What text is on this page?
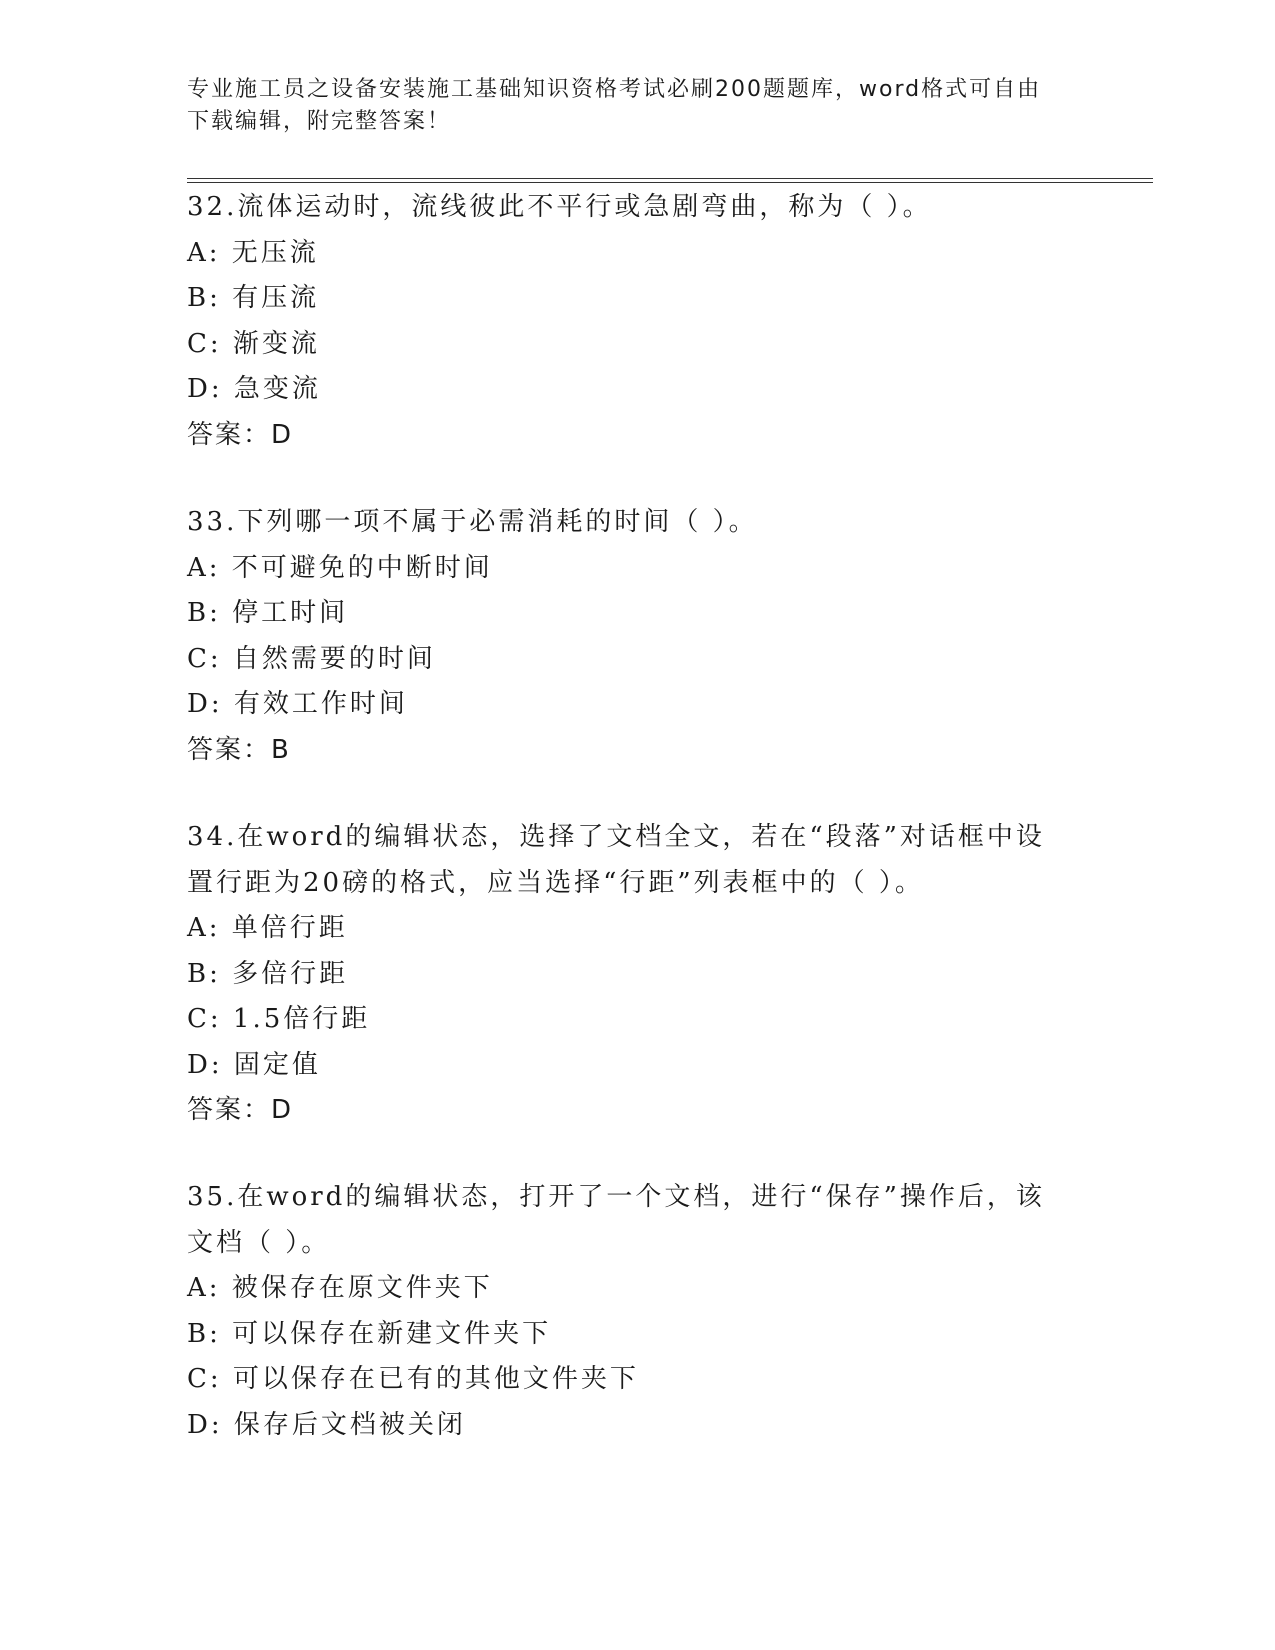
专业施工员之设备安装施工基础知识资格考试必刷200题题库，word格式可自由
下载编辑，附完整答案！
32.流体运动时，流线彼此不平行或急剧弯曲，称为（ ）。
A: 无压流
B: 有压流
C: 渐变流
D: 急变流
答案：D
33.下列哪一项不属于必需消耗的时间（ ）。
A: 不可避免的中断时间
B: 停工时间
C: 自然需要的时间
D: 有效工作时间
答案：B
34.在word的编辑状态，选择了文档全文，若在“段落”对话框中设
置行距为20磅的格式，应当选择“行距”列表框中的（ ）。
A: 单倍行距
B: 多倍行距
C: 1.5倍行距
D: 固定值
答案：D
35.在word的编辑状态，打开了一个文档，进行“保存”操作后，该
文档（ ）。
A: 被保存在原文件夹下
B: 可以保存在新建文件夹下
C: 可以保存在已有的其他文件夹下
D: 保存后文档被关闭
